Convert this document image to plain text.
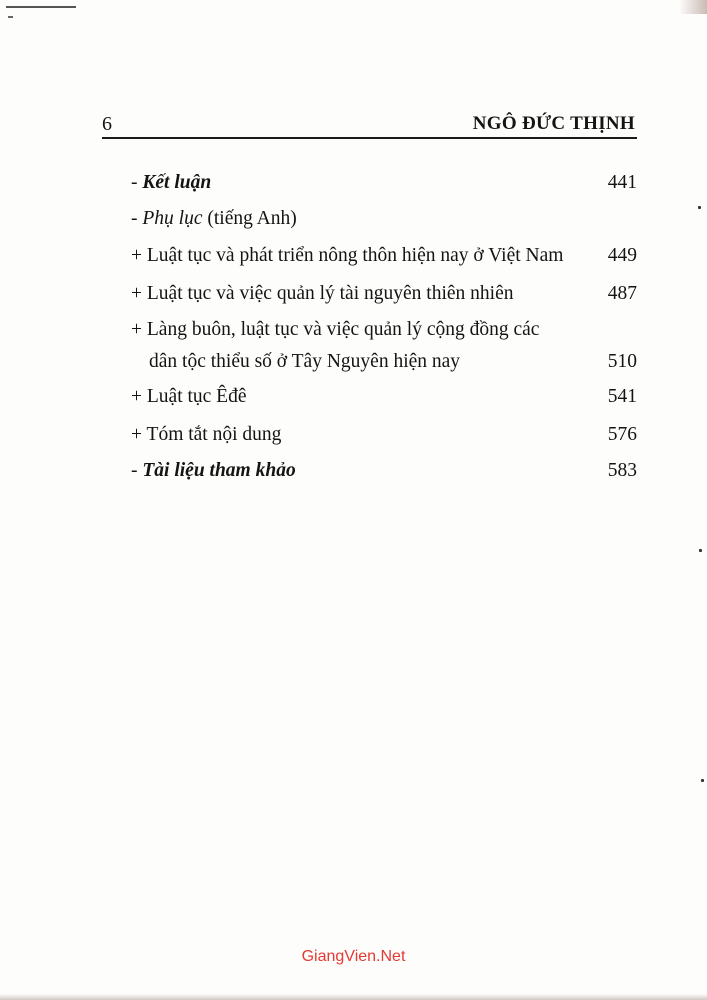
6	NGÔ ĐỨC THỊNH
- Kết luận	441
- Phụ lục (tiếng Anh)
+ Luật tục và phát triển nông thôn hiện nay ở Việt Nam	449
+ Luật tục và việc quản lý tài nguyên thiên nhiên	487
+ Làng buôn, luật tục và việc quản lý cộng đồng các
dân tộc thiểu số ở Tây Nguyên hiện nay	510
+ Luật tục Êđê	541
+ Tóm tắt nội dung	576
- Tài liệu tham khảo	583
GiangVien.Net
